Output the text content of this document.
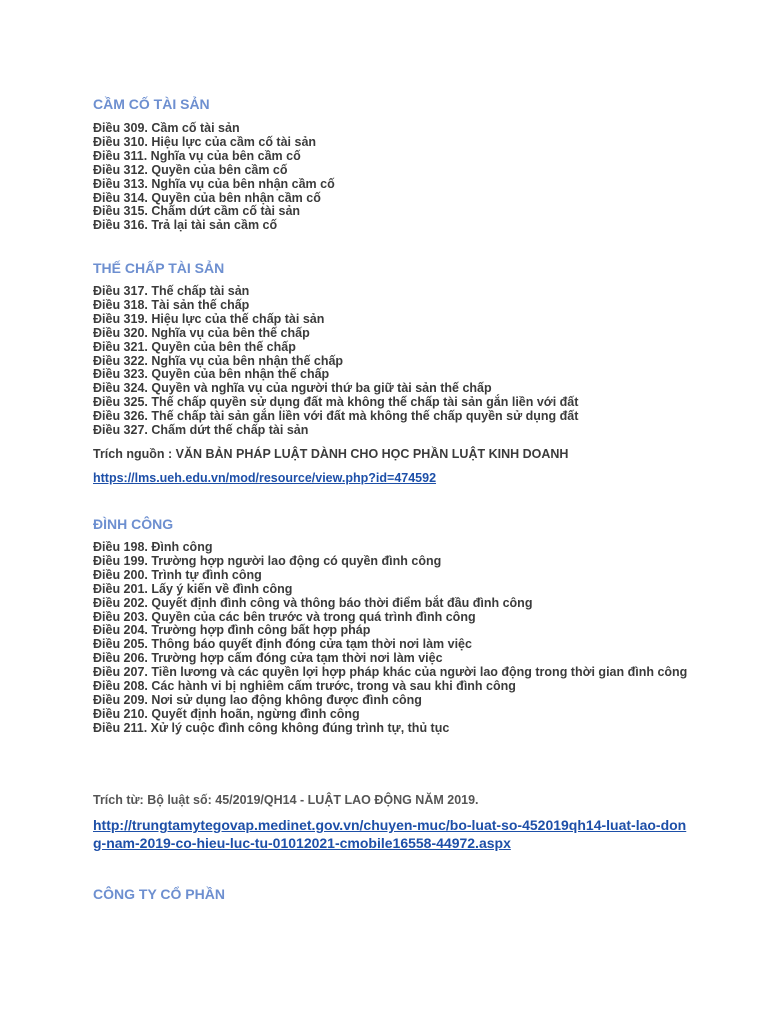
CẦM CỐ TÀI SẢN
Điều 309. Cầm cố tài sản
Điều 310. Hiệu lực của cầm cố tài sản
Điều 311. Nghĩa vụ của bên cầm cố
Điều 312. Quyền của bên cầm cố
Điều 313. Nghĩa vụ của bên nhận cầm cố
Điều 314. Quyền của bên nhận cầm cố
Điều 315. Chấm dứt cầm cố tài sản
Điều 316. Trả lại tài sản cầm cố
THẾ CHẤP TÀI SẢN
Điều 317. Thế chấp tài sản
Điều 318. Tài sản thế chấp
Điều 319. Hiệu lực của thế chấp tài sản
Điều 320. Nghĩa vụ của bên thế chấp
Điều 321. Quyền của bên thế chấp
Điều 322. Nghĩa vụ của bên nhận thế chấp
Điều 323. Quyền của bên nhận thế chấp
Điều 324. Quyền và nghĩa vụ của người thứ ba giữ tài sản thế chấp
Điều 325. Thế chấp quyền sử dụng đất mà không thế chấp tài sản gắn liền với đất
Điều 326. Thế chấp tài sản gắn liền với đất mà không thế chấp quyền sử dụng đất
Điều 327. Chấm dứt thế chấp tài sản

Trích nguồn : VĂN BẢN PHÁP LUẬT DÀNH CHO HỌC PHẦN LUẬT KINH DOANH

https://lms.ueh.edu.vn/mod/resource/view.php?id=474592
ĐÌNH CÔNG
Điều 198. Đình công
Điều 199. Trường hợp người lao động có quyền đình công
Điều 200. Trình tự đình công
Điều 201. Lấy ý kiến về đình công
Điều 202. Quyết định đình công và thông báo thời điểm bắt đầu đình công
Điều 203. Quyền của các bên trước và trong quá trình đình công
Điều 204. Trường hợp đình công bất hợp pháp
Điều 205. Thông báo quyết định đóng cửa tạm thời nơi làm việc
Điều 206. Trường hợp cấm đóng cửa tạm thời nơi làm việc
Điều 207. Tiền lương và các quyền lợi hợp pháp khác của người lao động trong thời gian đình công
Điều 208. Các hành vi bị nghiêm cấm trước, trong và sau khi đình công
Điều 209. Nơi sử dụng lao động không được đình công
Điều 210. Quyết định hoãn, ngừng đình công
Điều 211. Xử lý cuộc đình công không đúng trình tự, thủ tục

Trích từ: Bộ luật số: 45/2019/QH14 - LUẬT LAO ĐỘNG NĂM 2019.

http://trungtamytegovap.medinet.gov.vn/chuyen-muc/bo-luat-so-452019qh14-luat-lao-dong-nam-2019-co-hieu-luc-tu-01012021-cmobile16558-44972.aspx
CÔNG TY CỔ PHẦN
